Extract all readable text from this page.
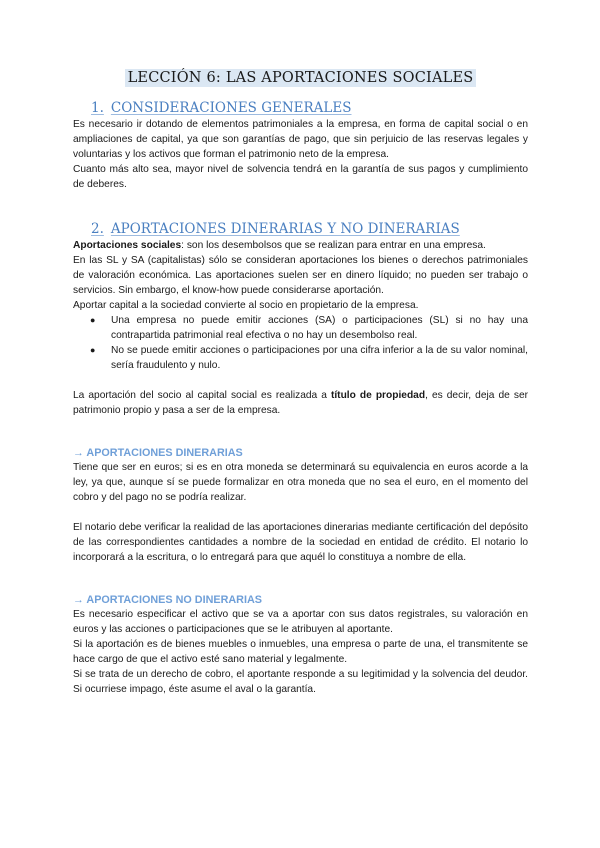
LECCIÓN 6: LAS APORTACIONES SOCIALES
1. CONSIDERACIONES GENERALES

Es necesario ir dotando de elementos patrimoniales a la empresa, en forma de capital social o en ampliaciones de capital, ya que son garantías de pago, que sin perjuicio de las reservas legales y voluntarias y los activos que forman el patrimonio neto de la empresa.

Cuanto más alto sea, mayor nivel de solvencia tendrá en la garantía de sus pagos y cumplimiento de deberes.

2. APORTACIONES DINERARIAS Y NO DINERARIAS

Aportaciones sociales: son los desembolsos que se realizan para entrar en una empresa.

En las SL y SA (capitalistas) sólo se consideran aportaciones los bienes o derechos patrimoniales de valoración económica. Las aportaciones suelen ser en dinero líquido; no pueden ser trabajo o servicios. Sin embargo, el know-how puede considerarse aportación.

Aportar capital a la sociedad convierte al socio en propietario de la empresa.

● Una empresa no puede emitir acciones (SA) o participaciones (SL) si no hay una contrapartida patrimonial real efectiva o no hay un desembolso real.
● No se puede emitir acciones o participaciones por una cifra inferior a la de su valor nominal, sería fraudulento y nulo.

La aportación del socio al capital social es realizada a título de propiedad, es decir, deja de ser patrimonio propio y pasa a ser de la empresa.

→ APORTACIONES DINERARIAS

Tiene que ser en euros; si es en otra moneda se determinará su equivalencia en euros acorde a la ley, ya que, aunque sí se puede formalizar en otra moneda que no sea el euro, en el momento del cobro y del pago no se podría realizar.

El notario debe verificar la realidad de las aportaciones dinerarias mediante certificación del depósito de las correspondientes cantidades a nombre de la sociedad en entidad de crédito. El notario lo incorporará a la escritura, o lo entregará para que aquél lo constituya a nombre de ella.

→ APORTACIONES NO DINERARIAS

Es necesario especificar el activo que se va a aportar con sus datos registrales, su valoración en euros y las acciones o participaciones que se le atribuyen al aportante.

Si la aportación es de bienes muebles o inmuebles, una empresa o parte de una, el transmitente se hace cargo de que el activo esté sano material y legalmente.

Si se trata de un derecho de cobro, el aportante responde a su legitimidad y la solvencia del deudor. Si ocurriese impago, éste asume el aval o la garantía.
